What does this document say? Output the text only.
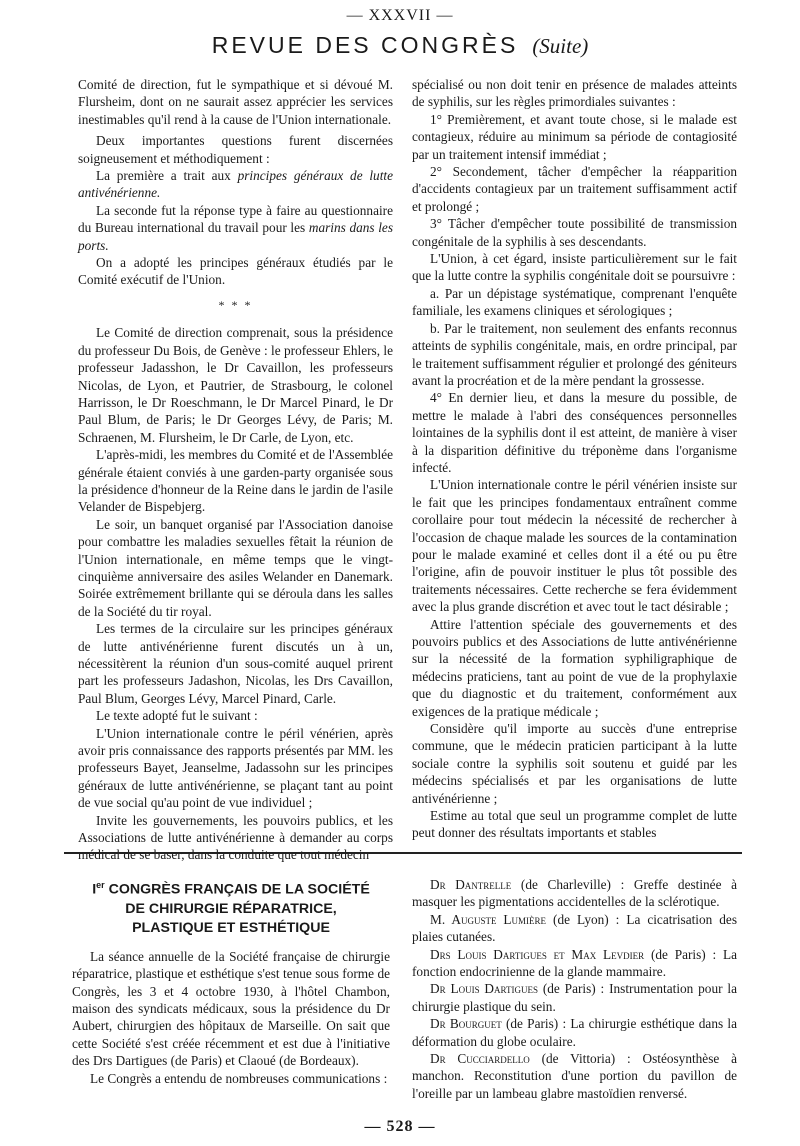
— XXXVII —
REVUE DES CONGRÈS (Suite)

Comité de direction, fut le sympathique et si dévoué M. Flursheim, dont on ne saurait assez apprécier les services inestimables qu'il rend à la cause de l'Union internationale.

Deux importantes questions furent discernées soigneusement et méthodiquement :

La première a trait aux principes généraux de lutte antivénérienne.

La seconde fut la réponse type à faire au questionnaire du Bureau international du travail pour les marins dans les ports.

On a adopté les principes généraux étudiés par le Comité exécutif de l'Union.

* * *

Le Comité de direction comprenait, sous la présidence du professeur Du Bois, de Genève : le professeur Ehlers, le professeur Jadasshon, le Dr Cavaillon, les professeurs Nicolas, de Lyon, et Pautrier, de Strasbourg, le colonel Harrisson, le Dr Roeschmann, le Dr Marcel Pinard, le Dr Paul Blum, de Paris; le Dr Georges Lévy, de Paris; M. Schraenen, M. Flursheim, le Dr Carle, de Lyon, etc.

L'après-midi, les membres du Comité et de l'Assemblée générale étaient conviés à une garden-party organisée sous la présidence d'honneur de la Reine dans le jardin de l'asile Velander de Bispebjerg.

Le soir, un banquet organisé par l'Association danoise pour combattre les maladies sexuelles fêtait la réunion de l'Union internationale, en même temps que le vingt-cinquième anniversaire des asiles Welander en Danemark. Soirée extrêmement brillante qui se déroula dans les salles de la Société du tir royal.

Les termes de la circulaire sur les principes généraux de lutte antivénérienne furent discutés un à un, nécessitèrent la réunion d'un sous-comité auquel prirent part les professeurs Jadashon, Nicolas, les Drs Cavaillon, Paul Blum, Georges Lévy, Marcel Pinard, Carle.

Le texte adopté fut le suivant :

L'Union internationale contre le péril vénérien, après avoir pris connaissance des rapports présentés par MM. les professeurs Bayet, Jeanselme, Jadassohn sur les principes généraux de lutte antivénérienne, se plaçant tant au point de vue social qu'au point de vue individuel ;

Invite les gouvernements, les pouvoirs publics, et les Associations de lutte antivénérienne à demander au corps médical de se baser, dans la conduite que tout médecin

spécialisé ou non doit tenir en présence de malades atteints de syphilis, sur les règles primordiales suivantes :

1° Premièrement, et avant toute chose, si le malade est contagieux, réduire au minimum sa période de contagiosité par un traitement intensif immédiat ;

2° Secondement, tâcher d'empêcher la réapparition d'accidents contagieux par un traitement suffisamment actif et prolongé ;

3° Tâcher d'empêcher toute possibilité de transmission congénitale de la syphilis à ses descendants.

L'Union, à cet égard, insiste particulièrement sur le fait que la lutte contre la syphilis congénitale doit se poursuivre :

a. Par un dépistage systématique, comprenant l'enquête familiale, les examens cliniques et sérologiques ;

b. Par le traitement, non seulement des enfants reconnus atteints de syphilis congénitale, mais, en ordre principal, par le traitement suffisamment régulier et prolongé des géniteurs avant la procréation et de la mère pendant la grossesse.

4° En dernier lieu, et dans la mesure du possible, de mettre le malade à l'abri des conséquences personnelles lointaines de la syphilis dont il est atteint, de manière à viser à la disparition définitive du tréponème dans l'organisme infecté.

L'Union internationale contre le péril vénérien insiste sur le fait que les principes fondamentaux entraînent comme corollaire pour tout médecin la nécessité de rechercher à l'occasion de chaque malade les sources de la contamination pour le malade examiné et celles dont il a été ou pu être l'origine, afin de pouvoir instituer le plus tôt possible des traitements nécessaires. Cette recherche se fera évidemment avec la plus grande discrétion et avec tout le tact désirable ;

Attire l'attention spéciale des gouvernements et des pouvoirs publics et des Associations de lutte antivénérienne sur la nécessité de la formation syphiligraphique de médecins praticiens, tant au point de vue de la prophylaxie que du diagnostic et du traitement, conformément aux exigences de la pratique médicale ;

Considère qu'il importe au succès d'une entreprise commune, que le médecin praticien participant à la lutte sociale contre la syphilis soit soutenu et guidé par les médecins spécialisés et par les organisations de lutte antivénérienne ;

Estime au total que seul un programme complet de lutte peut donner des résultats importants et stables

Ier CONGRÈS FRANÇAIS DE LA SOCIÉTÉ
DE CHIRURGIE RÉPARATRICE,
PLASTIQUE ET ESTHÉTIQUE

La séance annuelle de la Société française de chirurgie réparatrice, plastique et esthétique s'est tenue sous forme de Congrès, les 3 et 4 octobre 1930, à l'hôtel Chambon, maison des syndicats médicaux, sous la présidence du Dr Aubert, chirurgien des hôpitaux de Marseille. On sait que cette Société s'est créée récemment et est due à l'initiative des Drs Dartigues (de Paris) et Claoué (de Bordeaux).

Le Congrès a entendu de nombreuses communications :

Dr Dantrelle (de Charleville) : Greffe destinée à masquer les pigmentations accidentelles de la sclérotique.

M. Auguste Lumière (de Lyon) : La cicatrisation des plaies cutanées.

Drs Louis Dartigues et Max Levdier (de Paris) : La fonction endocrinienne de la glande mammaire.

Dr Louis Dartigues (de Paris) : Instrumentation pour la chirurgie plastique du sein.

Dr Bourguet (de Paris) : La chirurgie esthétique dans la déformation du globe oculaire.

Dr Cucciardello (de Vittoria) : Ostéosynthèse à manchon. Reconstitution d'une portion du pavillon de l'oreille par un lambeau glabre mastoïdien renversé.

— 528 —
